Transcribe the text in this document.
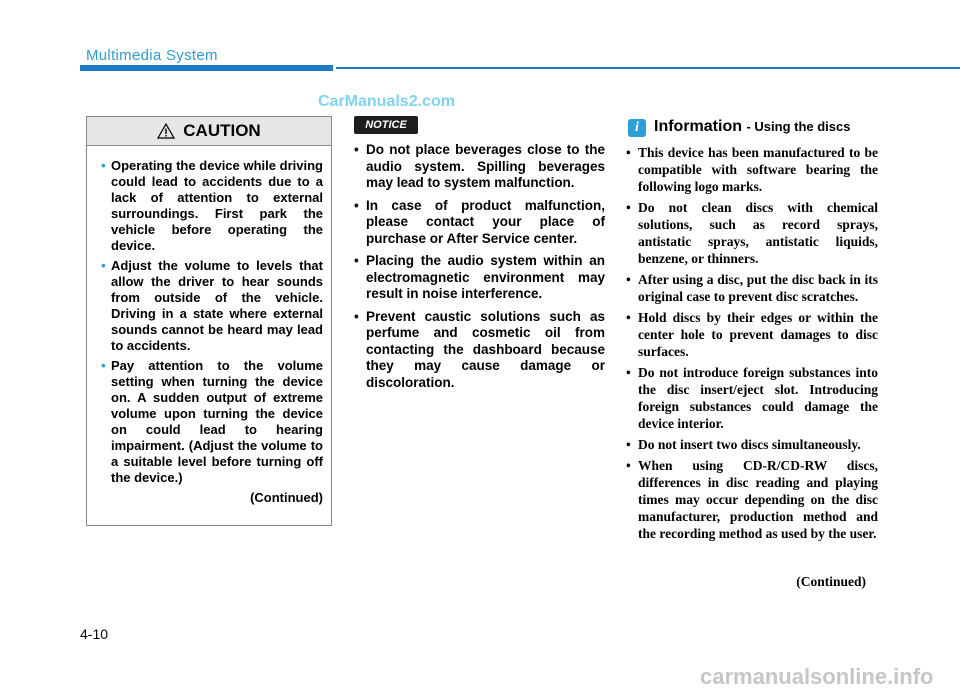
Multimedia System
CarManuals2.com
CAUTION
• Operating the device while driving could lead to accidents due to a lack of attention to external surroundings. First park the vehicle before operating the device.
• Adjust the volume to levels that allow the driver to hear sounds from outside of the vehicle. Driving in a state where external sounds cannot be heard may lead to accidents.
• Pay attention to the volume setting when turning the device on. A sudden output of extreme volume upon turning the device on could lead to hearing impairment. (Adjust the volume to a suitable level before turning off the device.)
(Continued)
NOTICE
• Do not place beverages close to the audio system. Spilling beverages may lead to system malfunction.
• In case of product malfunction, please contact your place of purchase or After Service center.
• Placing the audio system within an electromagnetic environment may result in noise interference.
• Prevent caustic solutions such as perfume and cosmetic oil from contacting the dashboard because they may cause damage or discoloration.
i Information - Using the discs
• This device has been manufactured to be compatible with software bearing the following logo marks.
• Do not clean discs with chemical solutions, such as record sprays, antistatic sprays, antistatic liquids, benzene, or thinners.
• After using a disc, put the disc back in its original case to prevent disc scratches.
• Hold discs by their edges or within the center hole to prevent damages to disc surfaces.
• Do not introduce foreign substances into the disc insert/eject slot. Introducing foreign substances could damage the device interior.
• Do not insert two discs simultaneously.
• When using CD-R/CD-RW discs, differences in disc reading and playing times may occur depending on the disc manufacturer, production method and the recording method as used by the user.
(Continued)
4-10
carmanualsonline.info
